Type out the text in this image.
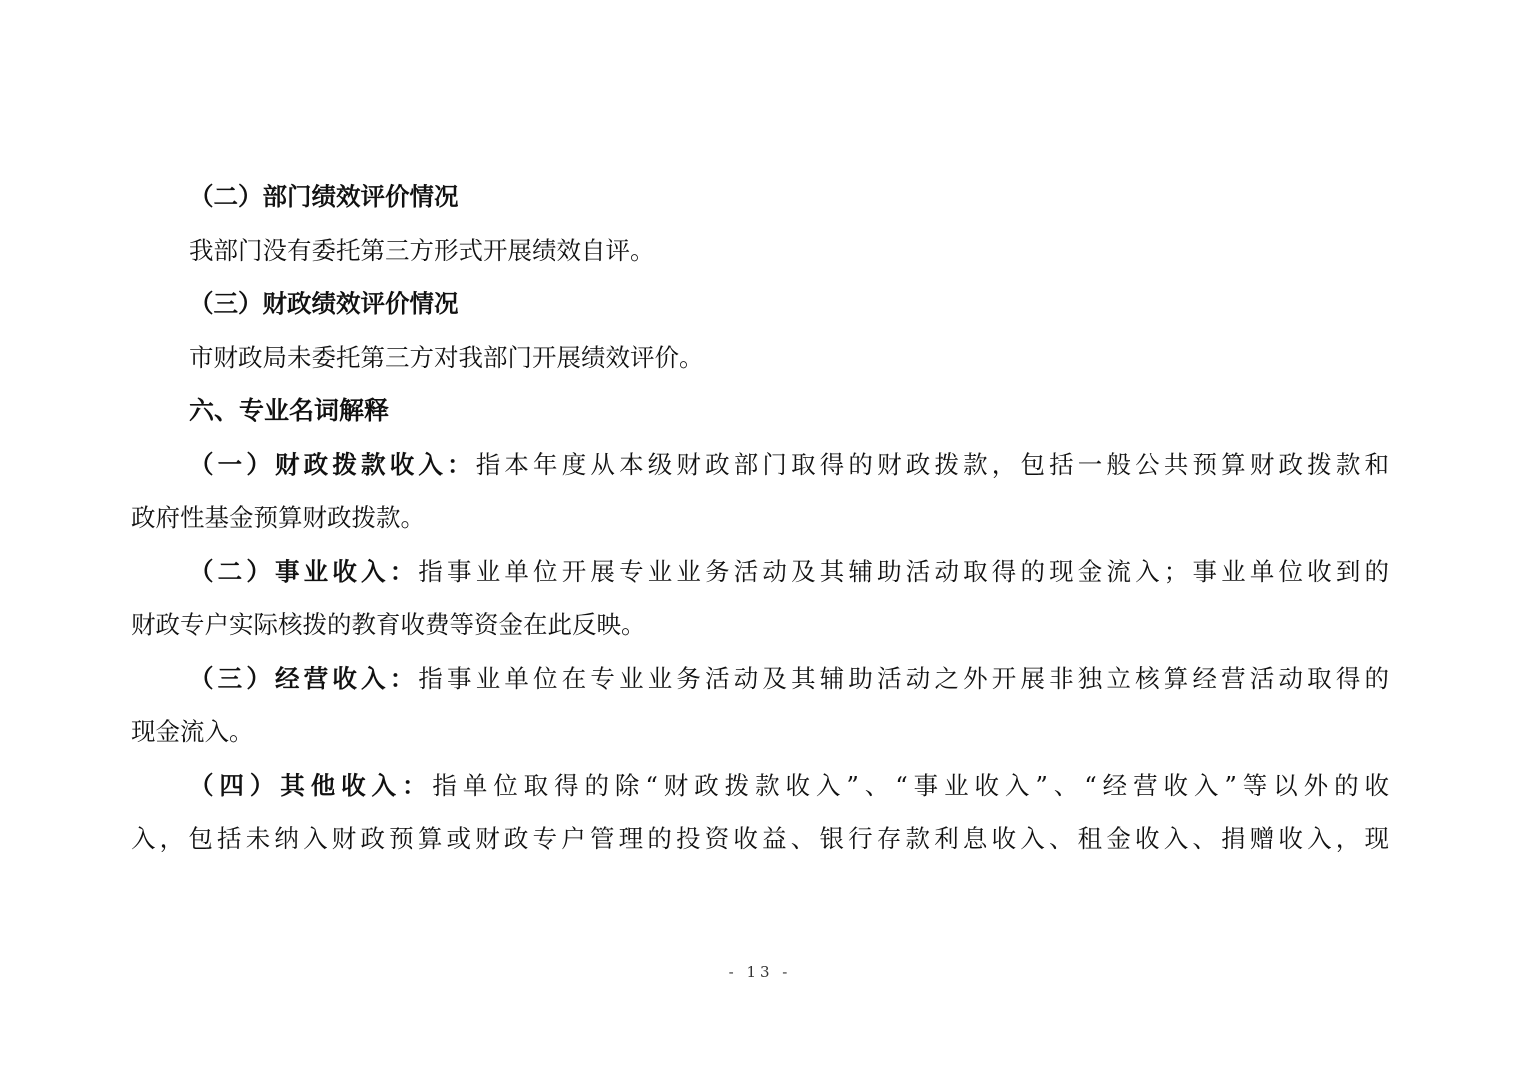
（二）部门绩效评价情况
我部门没有委托第三方形式开展绩效自评。
（三）财政绩效评价情况
市财政局未委托第三方对我部门开展绩效评价。
六、专业名词解释
（一）财政拨款收入：指本年度从本级财政部门取得的财政拨款，包括一般公共预算财政拨款和
政府性基金预算财政拨款。
（二）事业收入：指事业单位开展专业业务活动及其辅助活动取得的现金流入；事业单位收到的
财政专户实际核拨的教育收费等资金在此反映。
（三）经营收入：指事业单位在专业业务活动及其辅助活动之外开展非独立核算经营活动取得的
现金流入。
（四）其他收入：指单位取得的除“财政拨款收入”、“事业收入”、“经营收入”等以外的收
入，包括未纳入财政预算或财政专户管理的投资收益、银行存款利息收入、租金收入、捐赠收入，现
- 13 -
